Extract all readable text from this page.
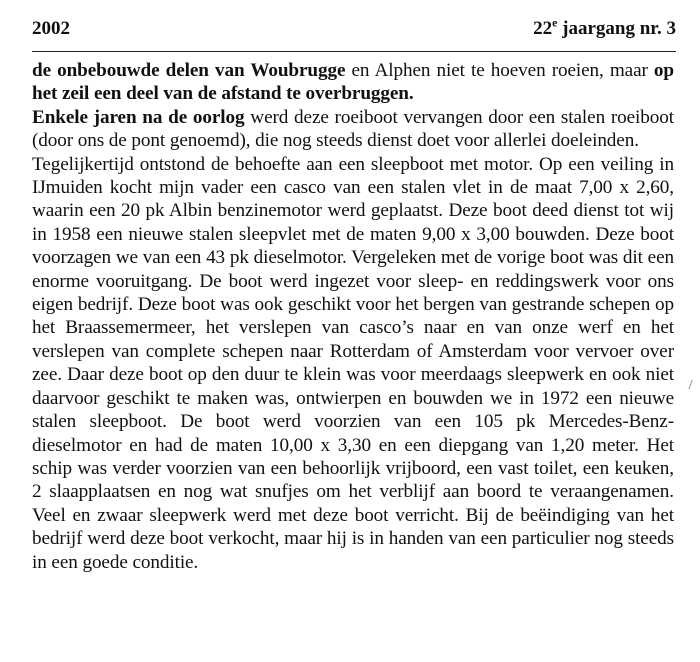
2002	22e jaargang nr. 3

de onbebouwde delen van Woubrugge en Alphen niet te hoeven roeien, maar op het zeil een deel van de afstand te overbruggen.

Enkele jaren na de oorlog werd deze roeiboot vervangen door een stalen roeiboot (door ons de pont genoemd), die nog steeds dienst doet voor allerlei doeleinden.

Tegelijkertijd ontstond de behoefte aan een sleepboot met motor. Op een veiling in IJmuiden kocht mijn vader een casco van een stalen vlet in de maat 7,00 x 2,60, waarin een 20 pk Albin benzinemotor werd geplaatst. Deze boot deed dienst tot wij in 1958 een nieuwe stalen sleepvlet met de maten 9,00 x 3,00 bouwden. Deze boot voorzagen we van een 43 pk dieselmotor. Vergeleken met de vorige boot was dit een enorme vooruitgang. De boot werd ingezet voor sleep- en reddingswerk voor ons eigen bedrijf. Deze boot was ook geschikt voor het bergen van gestrande schepen op het Braassemermeer, het verslepen van casco’s naar en van onze werf en het verslepen van complete schepen naar Rotterdam of Amsterdam voor vervoer over zee. Daar deze boot op den duur te klein was voor meerdaags sleepwerk en ook niet daarvoor geschikt te maken was, ontwierpen en bouwden we in 1972 een nieuwe stalen sleepboot. De boot werd voorzien van een 105 pk Mercedes-Benz- dieselmotor en had de maten 10,00 x 3,30 en een diepgang van 1,20 meter. Het schip was verder voorzien van een behoorlijk vrijboord, een vast toilet, een keuken, 2 slaapplaatsen en nog wat snufjes om het verblijf aan boord te veraangenamen. Veel en zwaar sleepwerk werd met deze boot verricht. Bij de beëindiging van het bedrijf werd deze boot verkocht, maar hij is in handen van een particulier nog steeds in een goede conditie.
